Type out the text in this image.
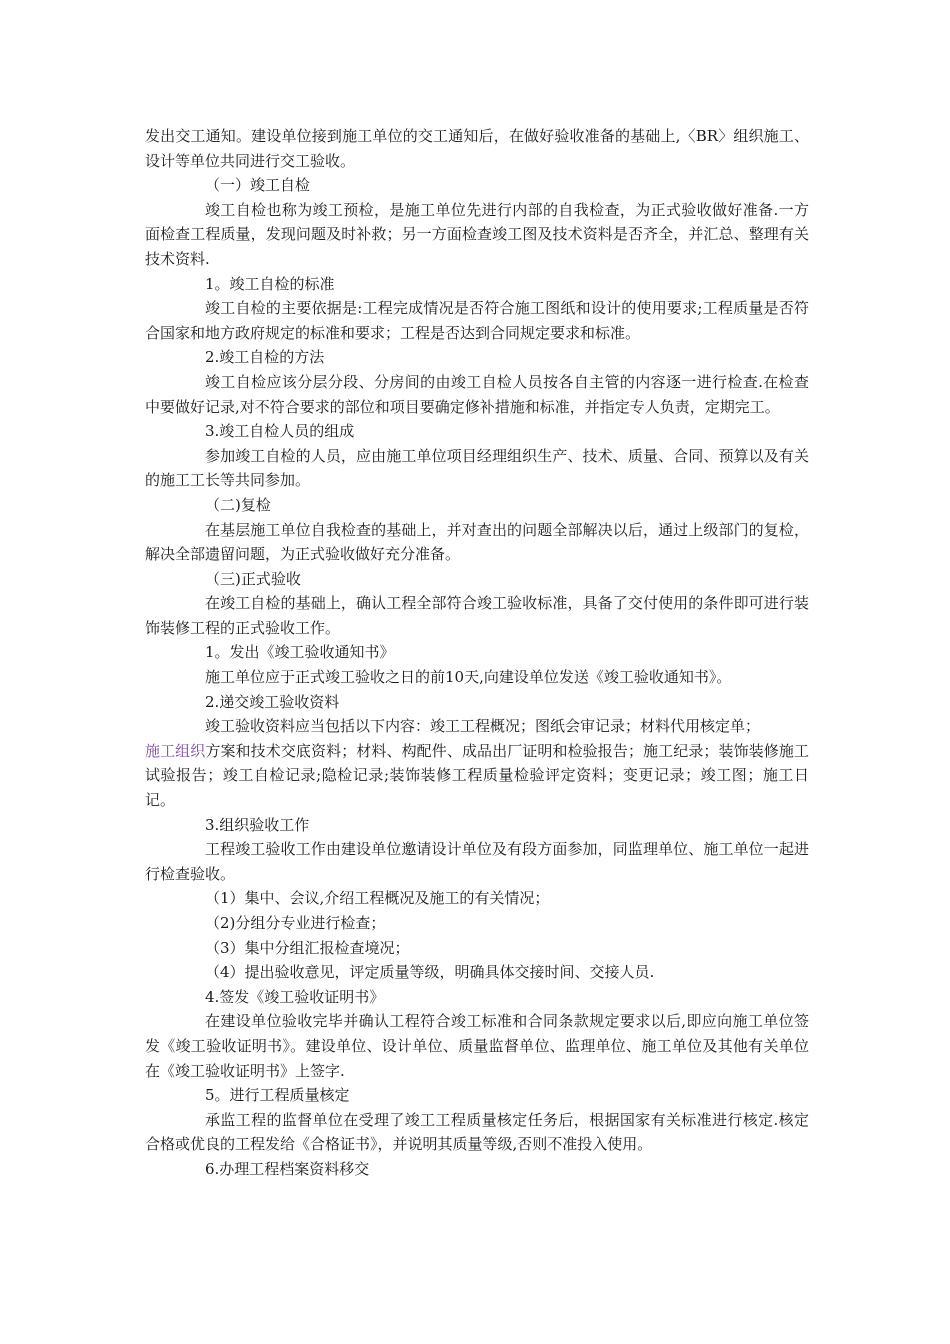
发出交工通知。建设单位接到施工单位的交工通知后，在做好验收准备的基础上,〈BR〉组织施工、设计等单位共同进行交工验收。

（一）竣工自检

竣工自检也称为竣工预检，是施工单位先进行内部的自我检查，为正式验收做好准备.一方面检查工程质量，发现问题及时补救；另一方面检查竣工图及技术资料是否齐全，并汇总、整理有关技术资料.

1。竣工自检的标准

竣工自检的主要依据是:工程完成情况是否符合施工图纸和设计的使用要求;工程质量是否符合国家和地方政府规定的标准和要求；工程是否达到合同规定要求和标准。

2.竣工自检的方法

竣工自检应该分层分段、分房间的由竣工自检人员按各自主管的内容逐一进行检查.在检查中要做好记录,对不符合要求的部位和项目要确定修补措施和标准，并指定专人负责，定期完工。

3.竣工自检人员的组成

参加竣工自检的人员，应由施工单位项目经理组织生产、技术、质量、合同、预算以及有关的施工工长等共同参加。

（二)复检

在基层施工单位自我检查的基础上，并对查出的问题全部解决以后，通过上级部门的复检，解决全部遗留问题，为正式验收做好充分准备。

（三)正式验收

在竣工自检的基础上，确认工程全部符合竣工验收标准，具备了交付使用的条件即可进行装饰装修工程的正式验收工作。

1。发出《竣工验收通知书》

施工单位应于正式竣工验收之日的前10天,向建设单位发送《竣工验收通知书》。

2.递交竣工验收资料

竣工验收资料应当包括以下内容：竣工工程概况；图纸会审记录；材料代用核定单；

施工组织方案和技术交底资料；材料、构配件、成品出厂证明和检验报告；施工纪录；装饰装修施工试验报告；竣工自检记录;隐检记录;装饰装修工程质量检验评定资料；变更记录；竣工图；施工日记。

3.组织验收工作

工程竣工验收工作由建设单位邀请设计单位及有段方面参加，同监理单位、施工单位一起进行检查验收。

（1）集中、会议,介绍工程概况及施工的有关情况；

（2)分组分专业进行检查；

（3）集中分组汇报检查境况；

（4）提出验收意见，评定质量等级，明确具体交接时间、交接人员.

4.签发《竣工验收证明书》

在建设单位验收完毕并确认工程符合竣工标准和合同条款规定要求以后,即应向施工单位签发《竣工验收证明书》。建设单位、设计单位、质量监督单位、监理单位、施工单位及其他有关单位在《竣工验收证明书》上签字.

5。进行工程质量核定

承监工程的监督单位在受理了竣工工程质量核定任务后，根据国家有关标准进行核定.核定合格或优良的工程发给《合格证书》，并说明其质量等级,否则不准投入使用。

6.办理工程档案资料移交
